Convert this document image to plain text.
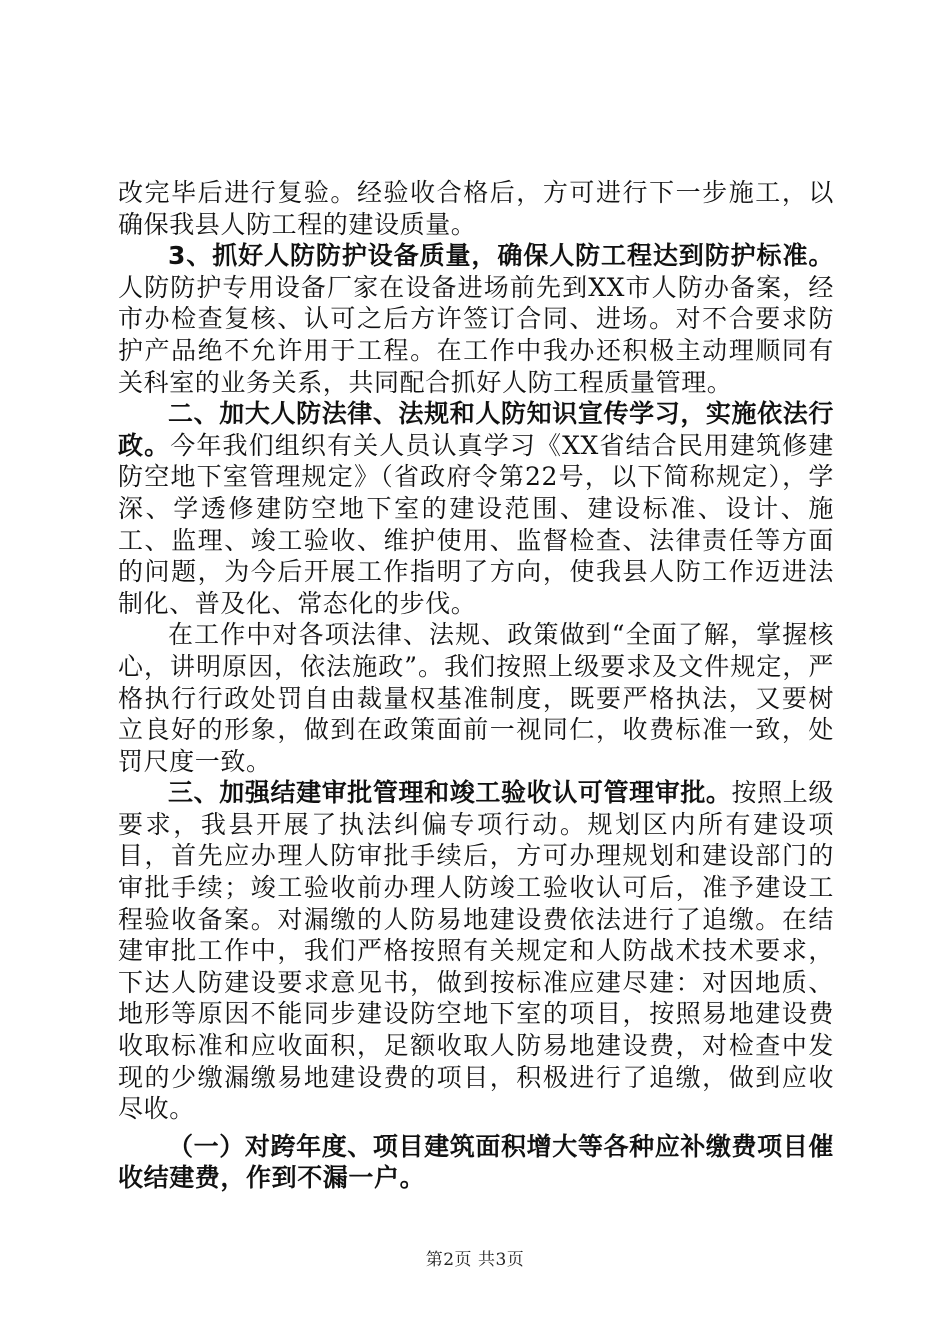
改完毕后进行复验。经验收合格后，方可进行下一步施工，以确保我县人防工程的建设质量。

3、抓好人防防护设备质量，确保人防工程达到防护标准。人防防护专用设备厂家在设备进场前先到XX市人防办备案，经市办检查复核、认可之后方许签订合同、进场。对不合要求防护产品绝不允许用于工程。在工作中我办还积极主动理顺同有关科室的业务关系，共同配合抓好人防工程质量管理。

二、加大人防法律、法规和人防知识宣传学习，实施依法行政。今年我们组织有关人员认真学习《XX省结合民用建筑修建防空地下室管理规定》（省政府令第22号，以下简称规定），学深、学透修建防空地下室的建设范围、建设标准、设计、施工、监理、竣工验收、维护使用、监督检查、法律责任等方面的问题，为今后开展工作指明了方向，使我县人防工作迈进法制化、普及化、常态化的步伐。

在工作中对各项法律、法规、政策做到“全面了解，掌握核心，讲明原因，依法施政”。我们按照上级要求及文件规定，严格执行行政处罚自由裁量权基准制度，既要严格执法，又要树立良好的形象，做到在政策面前一视同仁，收费标准一致，处罚尺度一致。

三、加强结建审批管理和竣工验收认可管理审批。按照上级要求，我县开展了执法纠偏专项行动。规划区内所有建设项目，首先应办理人防审批手续后，方可办理规划和建设部门的审批手续；竣工验收前办理人防竣工验收认可后，准予建设工程验收备案。对漏缴的人防易地建设费依法进行了追缴。在结建审批工作中，我们严格按照有关规定和人防战术技术要求，下达人防建设要求意见书，做到按标准应建尽建：对因地质、地形等原因不能同步建设防空地下室的项目，按照易地建设费收取标准和应收面积，足额收取人防易地建设费，对检查中发现的少缴漏缴易地建设费的项目，积极进行了追缴，做到应收尽收。

（一）对跨年度、项目建筑面积增大等各种应补缴费项目催收结建费，作到不漏一户。

第2页 共3页
